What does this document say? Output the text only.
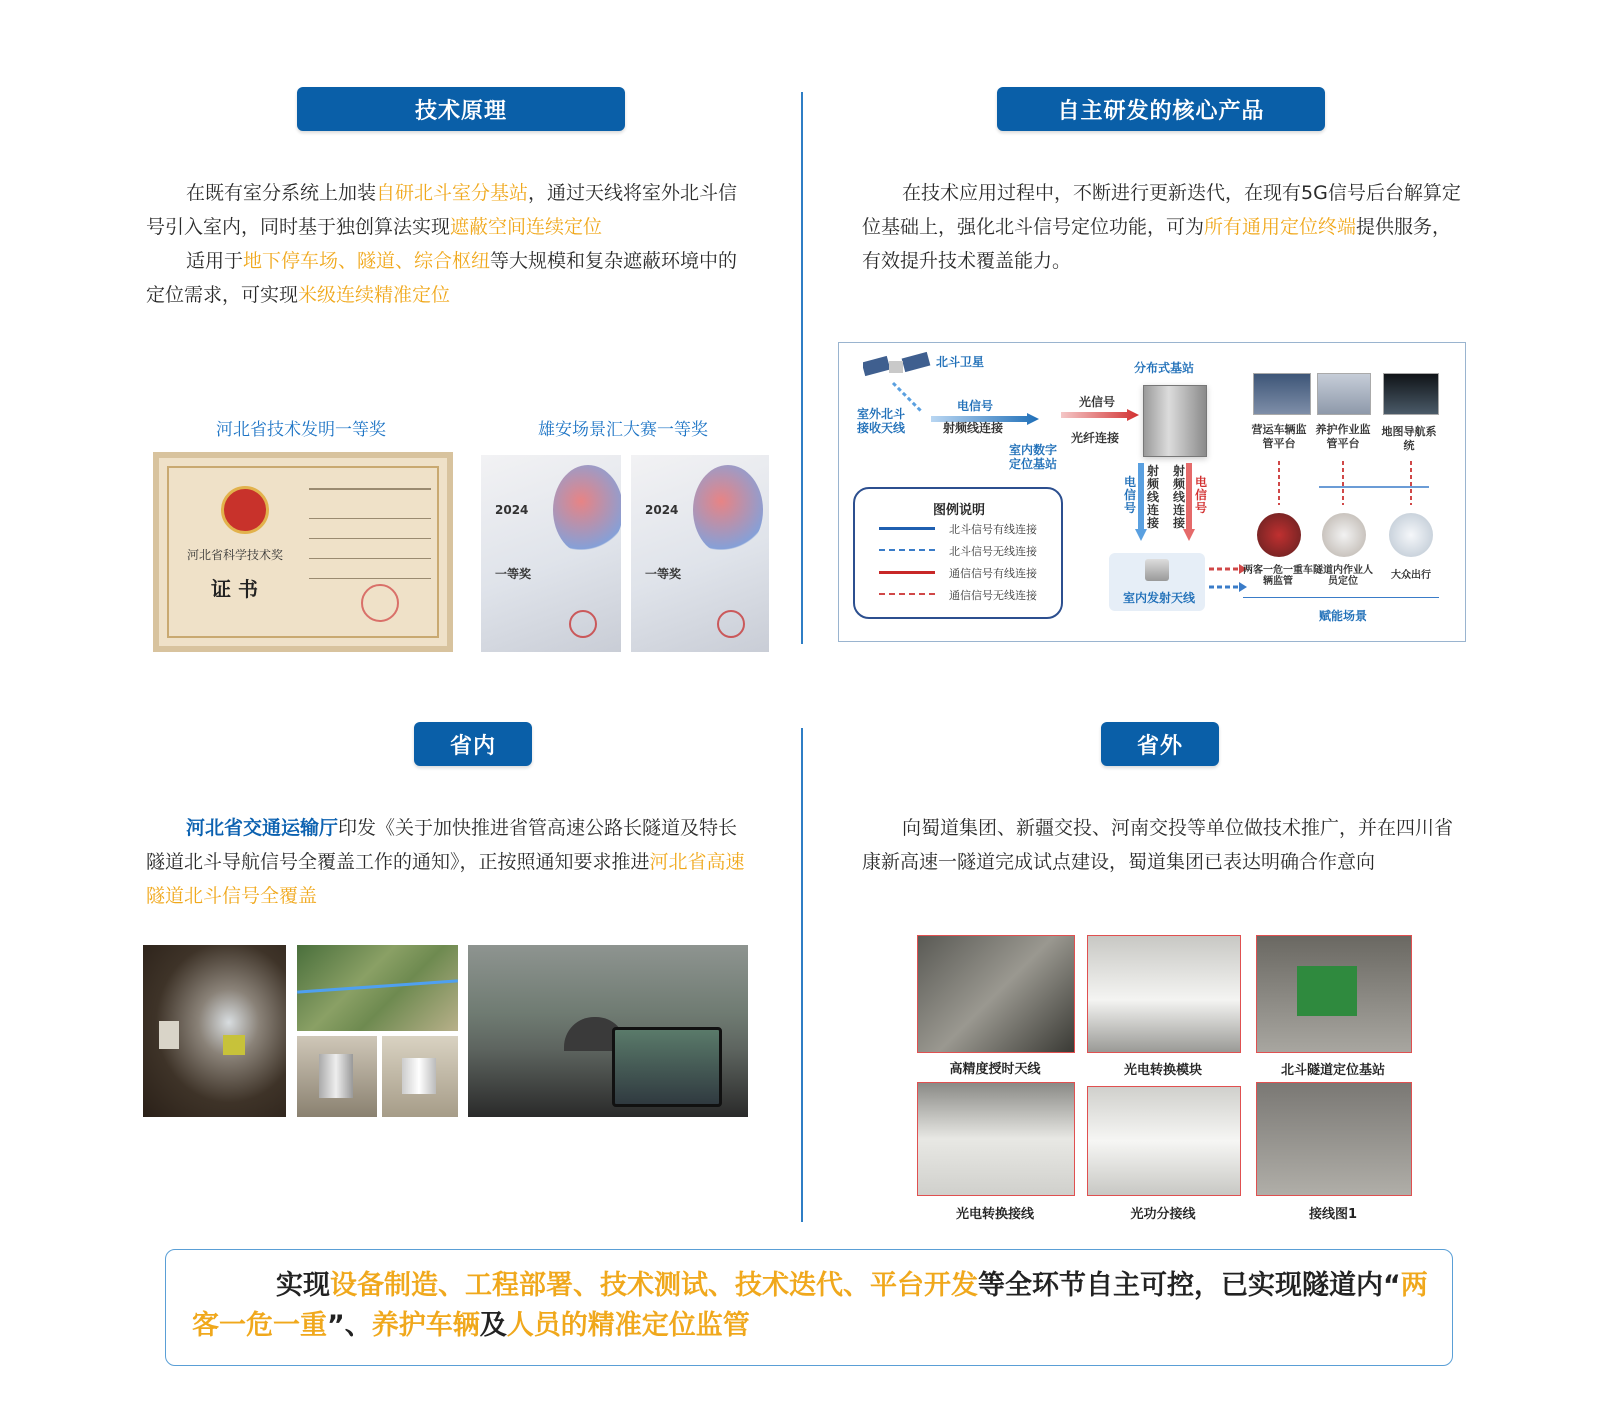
技术原理	自主研发的核心产品
省内	省外

在既有室分系统上加装自研北斗室分基站，通过天线将室外北斗信号引入室内，同时基于独创算法实现遮蔽空间连续定位

适用于地下停车场、隧道、综合枢纽等大规模和复杂遮蔽环境中的定位需求，可实现米级连续精准定位

河北省技术发明一等奖	雄安场景汇大赛一等奖
河北省科学技术奖
证 书
2024
一等奖
2024
一等奖

在技术应用过程中，不断进行更新迭代，在现有5G信号后台解算定位基础上，强化北斗信号定位功能，可为所有通用定位终端提供服务，有效提升技术覆盖能力。

北斗卫星
室外北斗接收天线
电信号
射频线连接
光信号
光纤连接
分布式基站
室内数字定位基站
电信号
射频线连接
射频线连接
电信号
图例说明
北斗信号有线连接
北斗信号无线连接
通信信号有线连接
通信信号无线连接	室内发射天线
营运车辆监管平台
养护作业监管平台
地图导航系统
两客一危一重车辆监管
隧道内作业人员定位
大众出行
赋能场景

河北省交通运输厅印发《关于加快推进省管高速公路长隧道及特长隧道北斗导航信号全覆盖工作的通知》，正按照通知要求推进河北省高速隧道北斗信号全覆盖

向蜀道集团、新疆交投、河南交投等单位做技术推广，并在四川省康新高速一隧道完成试点建设，蜀道集团已表达明确合作意向

高精度授时天线	光电转换模块	北斗隧道定位基站
光电转换接线	光功分接线	接线图1
实现设备制造、工程部署、技术测试、技术迭代、平台开发等全环节自主可控，已实现隧道内“两客一危一重”、养护车辆及人员的精准定位监管
